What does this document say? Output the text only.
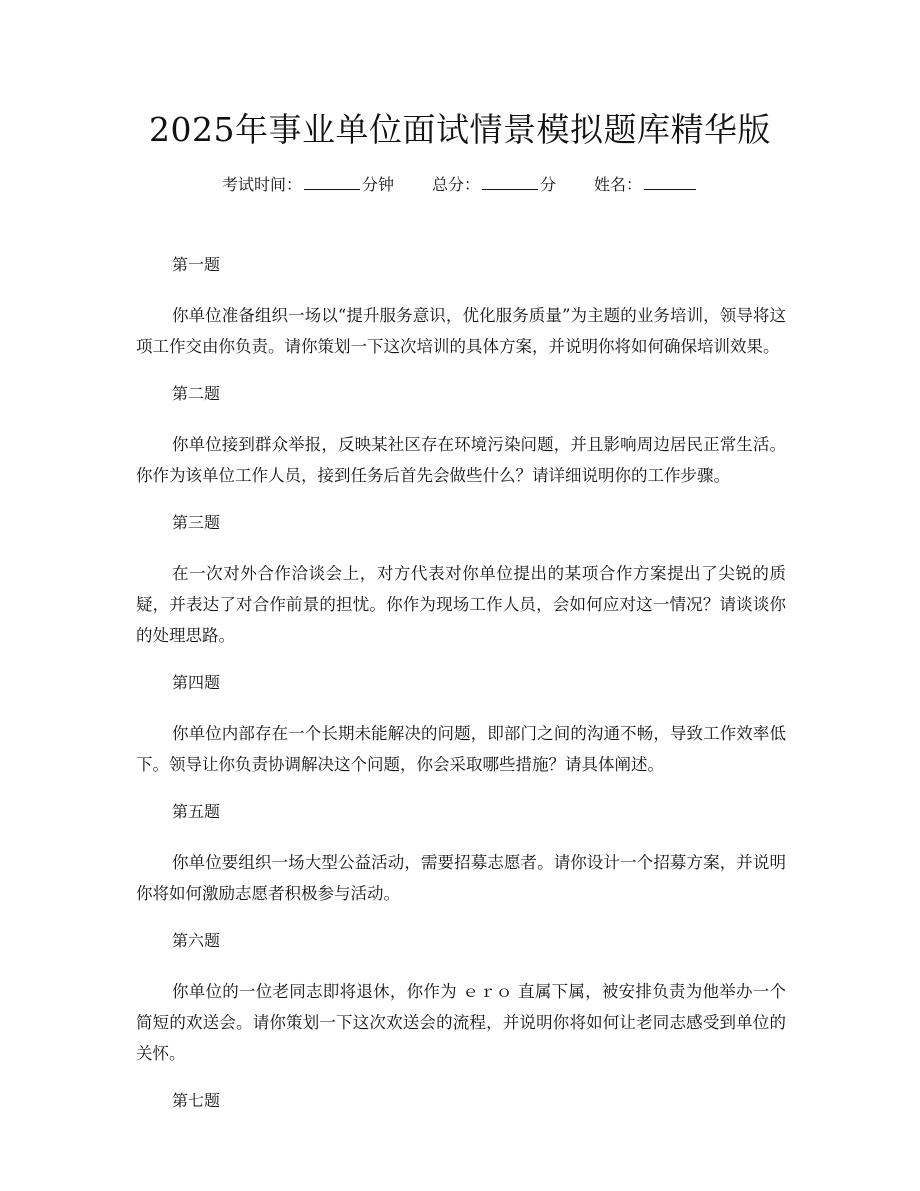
2025年事业单位面试情景模拟题库精华版
考试时间：	分钟 总分：	分 姓名：

第一题

你单位准备组织一场以“提升服务意识，优化服务质量”为主题的业务培训，领导将这项工作交由你负责。请你策划一下这次培训的具体方案，并说明你将如何确保培训效果。

第二题

你单位接到群众举报，反映某社区存在环境污染问题，并且影响周边居民正常生活。你作为该单位工作人员，接到任务后首先会做些什么？请详细说明你的工作步骤。

第三题

在一次对外合作洽谈会上，对方代表对你单位提出的某项合作方案提出了尖锐的质疑，并表达了对合作前景的担忧。你作为现场工作人员，会如何应对这一情况？请谈谈你的处理思路。

第四题

你单位内部存在一个长期未能解决的问题，即部门之间的沟通不畅，导致工作效率低下。领导让你负责协调解决这个问题，你会采取哪些措施？请具体阐述。

第五题

你单位要组织一场大型公益活动，需要招募志愿者。请你设计一个招募方案，并说明你将如何激励志愿者积极参与活动。

第六题

你单位的一位老同志即将退休，你作为 ｅｒｏ 直属下属，被安排负责为他举办一个简短的欢送会。请你策划一下这次欢送会的流程，并说明你将如何让老同志感受到单位的关怀。

第七题
